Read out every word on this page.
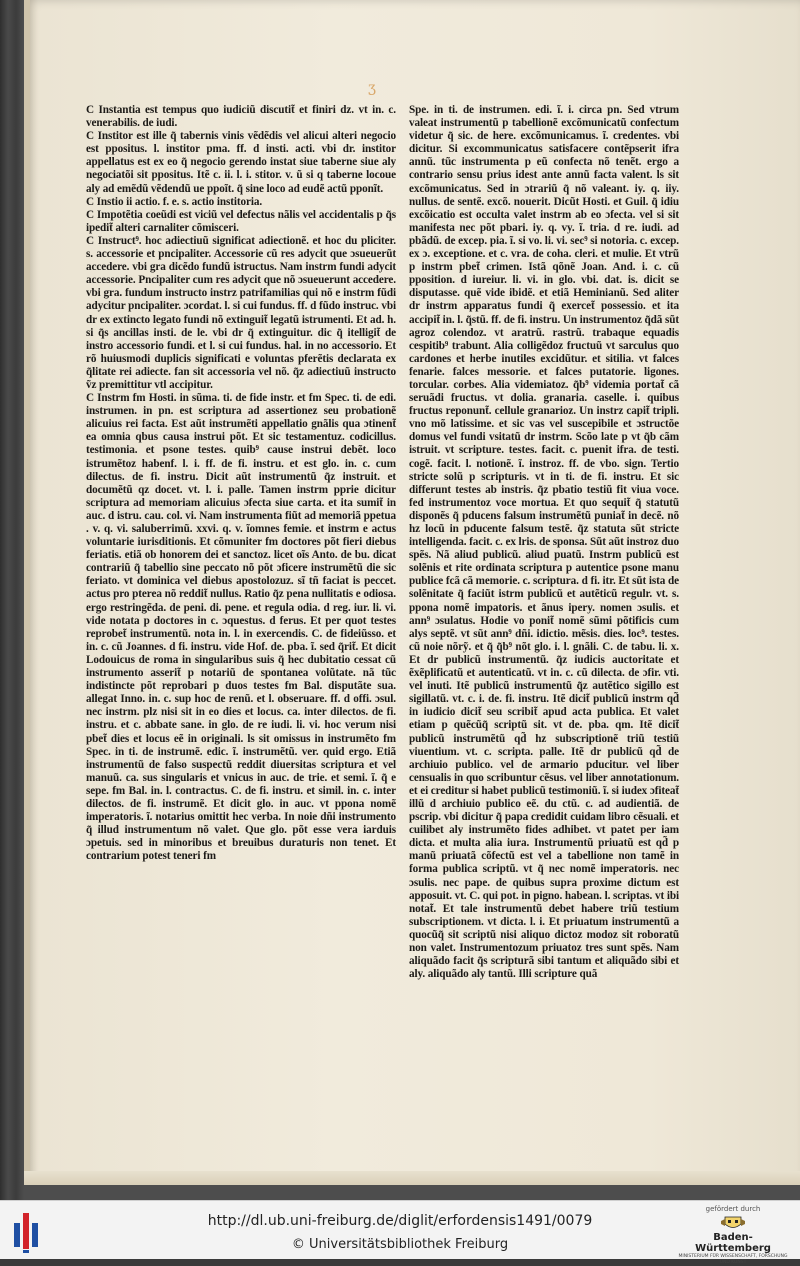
ʒ
C Instantia est tempus quo iudiciũ discutit̃ et finiri dz. vt in. c. venerabilis. de iudi.
C Institor est ille q̃ tabernis vinis vẽdẽdis vel alicui alteri negocio est ppositus. l. institor pma. ff. d insti. acti. vbi dr. institor appellatus est ex eo q̃ negocio gerendo instat siue taberne siue aly negociatõi sit ppositus. Itẽ c. ii. l. i. stitor. v. ũ si q taberne locoue aly ad emẽdũ vẽdendũ ue ppoĩt. q̃ sine loco ad eudẽ actũ pponĩt.
C Instio ii actio. f. e. s. actio institoria.
C Impotẽtia coeũdi est viciũ vel defectus nãlis vel accidentalis p q̃s ipedit̃ alteri carnaliter cõmisceri.
C Instruct⁹. hoc adiectiuũ significat adiectionẽ. et hoc du pliciter. s. accessorie et pncipaliter. Accessorie cũ res adycit que ɔsueuerũt accedere. vbi gra dicẽdo fundũ istructus. Nam instrm fundi adycit accessorie. Pncipaliter cum res adycit que nõ ɔsueuerunt accedere. vbi gra. fundum instructo instrz patrifamilias qui nõ e instrm fũdi adycitur pncipaliter. ɔcordat. l. si cui fundus. ff. d fũdo instruc. vbi dr ex extincto legato fundi nõ extinguit̃ legatũ istrumenti. Et ad. h. si q̃s ancillas insti. de le. vbi dr q̃ extinguitur. dic q̃ itelligit̃ de instro accessorio fundi. et l. si cui fundus. hal. in no accessorio. Et rõ huiusmodi duplicis significati e voluntas pferẽtis declarata ex q̃litate rei adiecte. fan sit accessoria vel nõ. q̃z adiectiuũ instructo ṽz premittitur vtl accipitur.
C Instrm fm Hosti. in sũma. ti. de fide instr. et fm Spec. ti. de edi. instrumen. in pn. est scriptura ad assertionez seu probationẽ alicuius rei facta. Est aũt instrumẽti appellatio gnãlis qua ɔtinent̃ ea omnia qbus causa instrui põt. Et sic testamentuz. codicillus. testimonia. et psone testes. quib⁹ cause instrui debẽt. loco istrumẽtoz habenf. l. i. ff. de fi. instru. et est glo. in. c. cum dilectus. de fi. instru. Dicit aũt instrumentũ q̃z instruit. et documẽtũ qz docet. vt. l. i. palle. Tamen instrm pprie dicitur scriptura ad memoriam alicuius ɔfecta siue carta. et ita sumit̃ in auc. d istru. cau. col. vi. Nam instrumenta fiũt ad memoriã ppetua . v. q. vi. saluberrimũ. xxvi. q. v. ĩomnes femie. et instrm e actus voluntarie iurisditionis. Et cõmuniter fm doctores põt fieri diebus feriatis. etiã ob honorem dei et sanctoz. licet oĩs Anto. de bu. dicat contrariũ q̃ tabellio sine peccato nõ põt ɔficere instrumẽtũ die sic feriato. vt dominica vel diebus apostolozuz. sĩ tñ faciat is peccet. actus pro pterea nõ reddit̃ nullus. Ratio q̃z pena nullitatis e odiosa. ergo restringẽda. de peni. di. pene. et regula odia. d reg. iur. li. vi. vide notata p doctores in c. ɔquestus. d ferus. Et per quot testes reprobet̃ instrumentũ. nota in. l. in exercendis. C. de fideiũsso. et in. c. cũ Joannes. d fi. instru. vide Hof. de. pba. ĩ. sed q̃rit̃. Et dicit Lodouicus de roma in singularibus suis q̃ hec dubitatio cessat cũ instrumento asserit̃ p notariũ de spontanea volũtate. nã tũc indistincte põt reprobari p duos testes fm Bal. disputãte sua. allegat Inno. in. c. sup hoc de renũ. et l. obseruare. ff. d offi. ɔsul. nec instrm. plz nisi sit in eo dies et locus. ca. inter dilectos. de fi. instru. et c. abbate sane. in glo. de re iudi. li. vi. hoc verum nisi pbet̃ dies et locus eẽ in originali. ls sit omissus in instrumẽto fm Spec. in ti. de instrumẽ. edic. ĩ. instrumẽtũ. ver. quid ergo. Etiã instrumentũ de falso suspectũ reddit diuersitas scriptura et vel manuũ. ca. sus singularis et vnicus in auc. de trie. et semi. ĩ. q̃ e sepe. fm Bal. in. l. contractus. C. de fi. instru. et simil. in. c. inter dilectos. de fi. instrumẽ. Et dicit glo. in auc. vt ppona nomẽ imperatoris. ĩ. notarius omittit hec verba. In noie dñi instrumento q̃ illud instrumentum nõ valet. Que glo. põt esse vera iarduis ɔpetuis. sed in minoribus et breuibus duraturis non tenet. Et contrarium potest teneri fm
Spe. in ti. de instrumen. edi. ĩ. i. circa pn. Sed vtrum valeat instrumentũ p tabellionẽ excõmunicatũ confectum videtur q̃ sic. de here. excõmunicamus. ĩ. credentes. vbi dicitur. Si excommunicatus satisfacere contẽpserit ifra annũ. tũc instrumenta p eũ confecta nõ tenẽt. ergo a contrario sensu prius idest ante annũ facta valent. ls sit excõmunicatus. Sed in ɔtrariũ q̃ nõ valeant. iy. q. iiy. nullus. de sentẽ. excõ. nouerit. Dicũt Hosti. et Guil. q̃ idiu excõicatio est occulta valet instrm ab eo ɔfecta. vel si sit manifesta nec põt pbari. iy. q. vy. ĩ. tria. d re. iudi. ad pbãdũ. de excep. pia. ĩ. si vo. li. vi. sec⁹ si notoria. c. excep. ex ɔ. exceptione. et c. vra. de coha. cleri. et mulie. Et vtrũ p instrm pbet̃ crimen. Istã qõnẽ Joan. And. i. c. cũ pposition. d iureiur. li. vi. in glo. vbi. dat. is. dicit se disputasse. quẽ vide ibidẽ. et etiã Heminianũ. Sed aliter dr instrm apparatus fundi q̃ exercet̃ possessio. et ita accipit̃ in. l. q̃stũ. ff. de fi. instru. Un instrumentoz q̃dã sũt agroz colendoz. vt aratrũ. rastrũ. trabaque equadis cespitib⁹ trabunt. Alia colligẽdoz fructuũ vt sarculus quo cardones et herbe inutiles excidũtur. et sitilia. vt falces fenarie. falces messorie. et falces putatorie. ligones. torcular. corbes. Alia videmiatoz. q̃b⁹ videmia portat̃ cã seruãdi fructus. vt dolia. granaria. caselle. i. quibus fructus reponunt̃. cellule granarioz. Un instrz capit̃ tripli. vno mõ latissime. et sic vas vel suscepibile et ɔstructõe domus vel fundi vsitatũ dr instrm. Scõo late p vt q̃b cãm istruit. vt scripture. testes. facit. c. puenit ifra. de testi. cogẽ. facit. l. notionẽ. ĩ. instroz. ff. de vbo. sign. Tertio stricte solũ p scripturis. vt in ti. de fi. instru. Et sic differunt testes ab instris. q̃z pbatio testiũ fit viua voce. fed instrumentoz voce mortua. Et quo sequit̃ q̃ statutũ disponẽs q̃ pducens falsum instrumẽtũ puniat̃ in decẽ. nõ hz locũ in pducente falsum testẽ. q̃z statuta sũt stricte intelligenda. facit. c. ex lris. de sponsa. Sũt aũt instroz duo spẽs. Nã aliud publicũ. aliud puatũ. Instrm publicũ est solẽnis et rite ordinata scriptura p autentice psone manu publice fcã cã memorie. c. scriptura. d fi. itr. Et sũt ista de solẽnitate q̃ faciũt istrm publicũ et autẽticũ regulr. vt. s. ppona nomẽ impatoris. et ãnus ipery. nomen ɔsulis. et ann⁹ ɔsulatus. Hodie vo ponit̃ nomẽ sũmi põtificis cum alys septẽ. vt sũt ann⁹ dñi. idictio. mẽsis. dies. loc⁹. testes. cũ noie nõrỹ. et q̃ q̃b⁹ nõt glo. i. l. gnãli. C. de tabu. li. x. Et dr publicũ instrumentũ. q̃z iudicis auctoritate et ẽxẽplificatũ et autenticatũ. vt in. c. cũ dilecta. de ɔfir. vti. vel inuti. Itẽ publicũ instrumentũ q̃z autẽtico sigillo est sigillatũ. vt. c. i. de. fi. instru. Itẽ dicit̃ publicũ instrm qd̃ in iudicio dicit̃ seu scribit̃ apud acta publica. Et valet etiam p quẽcũq̃ scriptũ sit. vt de. pba. qm. Itẽ dicit̃ publicũ instrumẽtũ qd̃ hz subscriptionẽ triũ testiũ viuentium. vt. c. scripta. palle. Itẽ dr publicũ qd̃ de archiuio publico. vel de armario pducitur. vel liber censualis in quo scribuntur cẽsus. vel liber annotationum. et ei creditur si habet publicũ testimoniũ. ĩ. si iudex ɔfiteat̃ illũ d archiuio publico eẽ. du ctũ. c. ad audientiã. de pscrip. vbi dicitur q̃ papa credidit cuidam libro cẽsuali. et cuilibet aly instrumẽto fides adhibet. vt patet per iam dicta. et multa alia iura. Instrumentũ priuatũ est qd̃ p manũ priuatã cõfectũ est vel a tabellione non tamẽ in forma publica scriptũ. vt q̃ nec nomẽ imperatoris. nec ɔsulis. nec pape. de quibus supra proxime dictum est apposuit. vt. C. qui pot. in pigno. habean. l. scriptas. vt ibi notat̃. Et tale instrumentũ debet habere triũ testium subscriptionem. vt dicta. l. i. Et priuatum instrumentũ a quocũq̃ sit scriptũ nisi aliquo dictoz modoz sit roboratũ non valet. Instrumentozum priuatoz tres sunt spẽs. Nam aliquãdo facit q̃s scripturã sibi tantum et aliquãdo sibi et aly. aliquãdo aly tantũ. Illi scripture quã
http://dl.ub.uni-freiburg.de/diglit/erfordensis1491/0079
© Universitätsbibliothek Freiburg
gefördert durch
Baden-Württemberg
MINISTERIUM FÜR WISSENSCHAFT, FORSCHUNG UND KUNST
